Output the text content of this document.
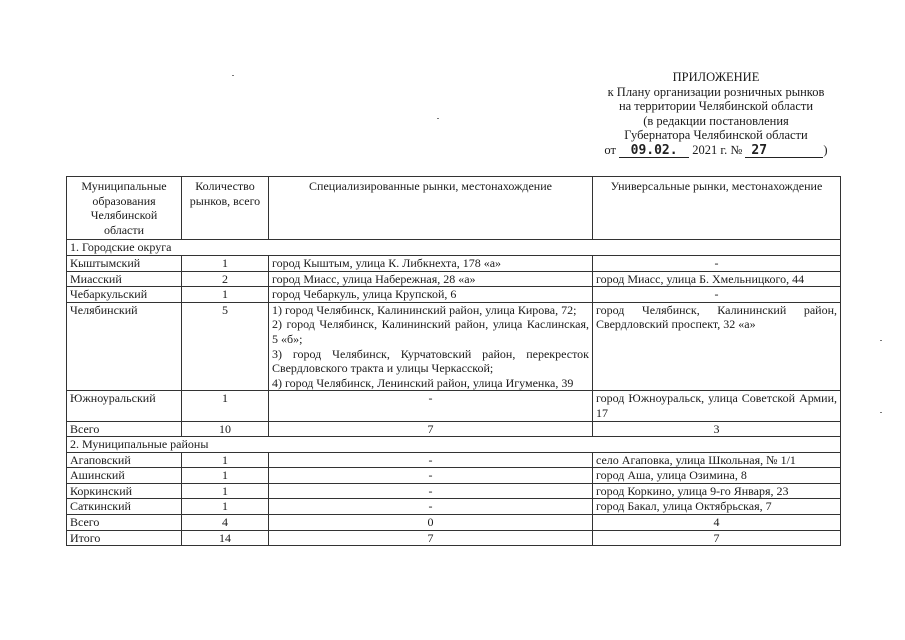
ПРИЛОЖЕНИЕ
к Плану организации розничных рынков
на территории Челябинской области
(в редакции постановления
Губернатора Челябинской области
от 09.02. 2021 г. № 27	)
Муниципальные образования Челябинской области	Количество рынков, всего	Специализированные рынки, местонахождение	Универсальные рынки, местонахождение
1. Городские округа			
Кыштымский	1	город Кыштым, улица К. Либкнехта, 178 «а»	-
Миасский	2	город Миасс, улица Набережная, 28 «а»	город Миасс, улица Б. Хмельницкого, 44
Чебаркульский	1	город Чебаркуль, улица Крупской, 6	-
Челябинский	5	1) город Челябинск, Калининский район, улица Кирова, 72;
2) город Челябинск, Калининский район, улица Каслинская, 5 «б»;
3) город Челябинск, Курчатовский район, перекресток Свердловского тракта и улицы Черкасской;
4) город Челябинск, Ленинский район, улица Игуменка, 39	город Челябинск, Калининский район, Свердловский проспект, 32 «а»
Южноуральский	1	-	город Южноуральск, улица Советской Армии, 17
Всего	10	7	3
2. Муниципальные районы			
Агаповский	1	-	село Агаповка, улица Школьная, № 1/1
Ашинский	1	-	город Аша, улица Озимина, 8
Коркинский	1	-	город Коркино, улица 9-го Января, 23
Саткинский	1	-	город Бакал, улица Октябрьская, 7
Всего	4	0	4
Итого	14	7	7
